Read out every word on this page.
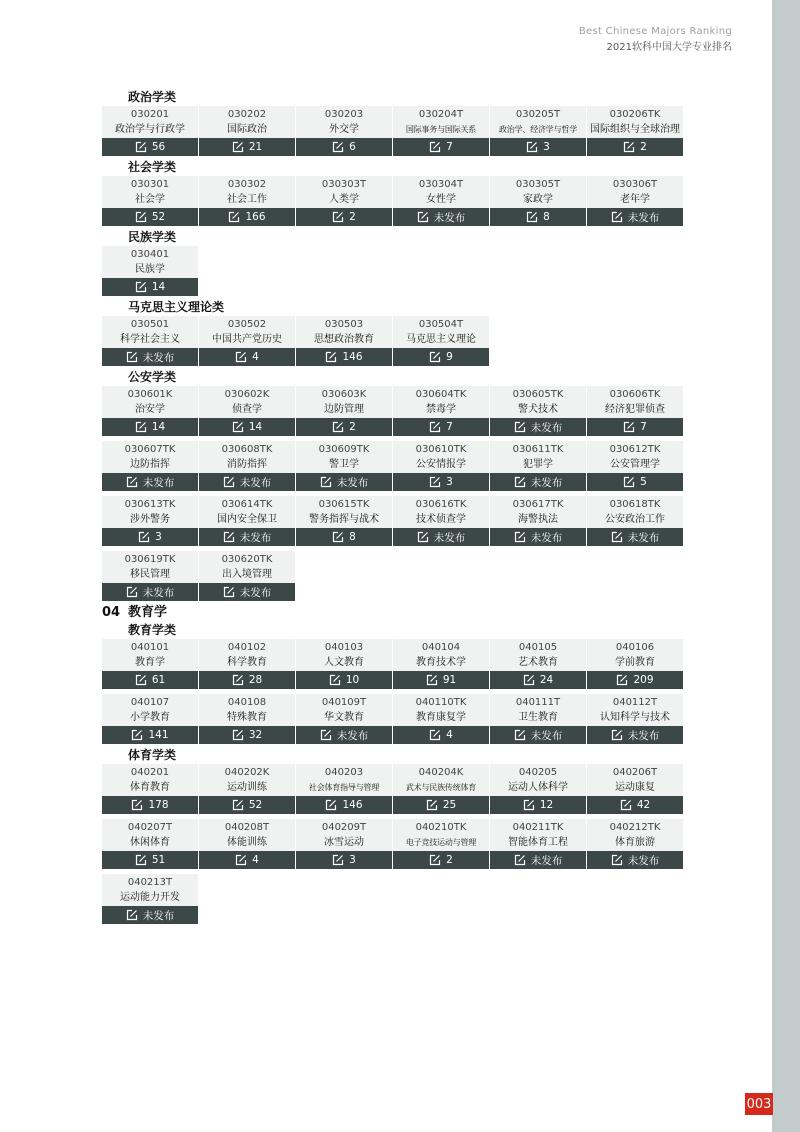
Best Chinese Majors Ranking
2021软科中国大学专业排名
政治学类
030201
政治学与行政学
56
030202
国际政治
21
030203
外交学
6
030204T
国际事务与国际关系
7
030205T
政治学、经济学与哲学
3
030206TK
国际组织与全球治理
2
社会学类
030301
社会学
52
030302
社会工作
166
030303T
人类学
2
030304T
女性学
未发布
030305T
家政学
8
030306T
老年学
未发布
民族学类
030401
民族学
14
马克思主义理论类
030501
科学社会主义
未发布
030502
中国共产党历史
4
030503
思想政治教育
146
030504T
马克思主义理论
9
公安学类
030601K
治安学
14
030602K
侦查学
14
030603K
边防管理
2
030604TK
禁毒学
7
030605TK
警犬技术
未发布
030606TK
经济犯罪侦查
7
030607TK
边防指挥
未发布
030608TK
消防指挥
未发布
030609TK
警卫学
未发布
030610TK
公安情报学
3
030611TK
犯罪学
未发布
030612TK
公安管理学
5
030613TK
涉外警务
3
030614TK
国内安全保卫
未发布
030615TK
警务指挥与战术
8
030616TK
技术侦查学
未发布
030617TK
海警执法
未发布
030618TK
公安政治工作
未发布
030619TK
移民管理
未发布
030620TK
出入境管理
未发布
04 教育学
教育学类
040101
教育学
61
040102
科学教育
28
040103
人文教育
10
040104
教育技术学
91
040105
艺术教育
24
040106
学前教育
209
040107
小学教育
141
040108
特殊教育
32
040109T
华文教育
未发布
040110TK
教育康复学
4
040111T
卫生教育
未发布
040112T
认知科学与技术
未发布
体育学类
040201
体育教育
178
040202K
运动训练
52
040203
社会体育指导与管理
146
040204K
武术与民族传统体育
25
040205
运动人体科学
12
040206T
运动康复
42
040207T
休闲体育
51
040208T
体能训练
4
040209T
冰雪运动
3
040210TK
电子竞技运动与管理
2
040211TK
智能体育工程
未发布
040212TK
体育旅游
未发布
040213T
运动能力开发
未发布
003
